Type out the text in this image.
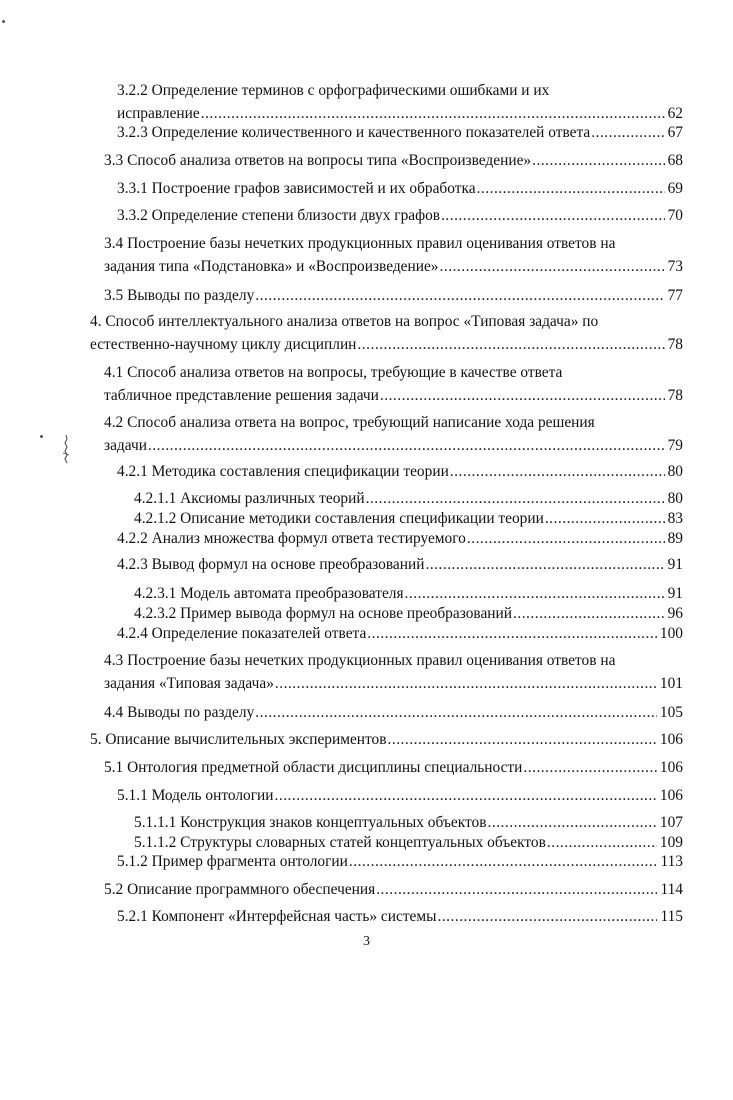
3.2.2 Определение терминов с орфографическими ошибками и их
исправление .....	62
3.2.3 Определение количественного и качественного показателей ответа .....	67
3.3 Способ анализа ответов на вопросы типа «Воспроизведение» .....	68
3.3.1 Построение графов зависимостей и их обработка .....	69
3.3.2 Определение степени близости двух графов .....	70
3.4 Построение базы нечетких продукционных правил оценивания ответов на
задания типа «Подстановка» и «Воспроизведение» .....	73
3.5 Выводы по разделу .....	77
4. Способ интеллектуального анализа ответов на вопрос «Типовая задача» по
естественно-научному циклу дисциплин .....	78
4.1 Способ анализа ответов на вопросы, требующие в качестве ответа
табличное представление решения задачи .....	78
4.2 Способ анализа ответа на вопрос, требующий написание хода решения
задачи .....	79
4.2.1 Методика составления спецификации теории .....	80
4.2.1.1 Аксиомы различных теорий .....	80
4.2.1.2 Описание методики составления спецификации теории .....	83
4.2.2 Анализ множества формул ответа тестируемого .....	89
4.2.3 Вывод формул на основе преобразований .....	91
4.2.3.1 Модель автомата преобразователя .....	91
4.2.3.2 Пример вывода формул на основе преобразований .....	96
4.2.4 Определение показателей ответа .....	100
4.3 Построение базы нечетких продукционных правил оценивания ответов на
задания «Типовая задача» .....	101
4.4 Выводы по разделу .....	105
5. Описание вычислительных экспериментов .....	106
5.1 Онтология предметной области дисциплины специальности .....	106
5.1.1 Модель онтологии .....	106
5.1.1.1 Конструкция знаков концептуальных объектов .....	107
5.1.1.2 Структуры словарных статей концептуальных объектов .....	109
5.1.2 Пример фрагмента онтологии .....	113
5.2 Описание программного обеспечения .....	114
5.2.1 Компонент «Интерфейсная часть» системы .....	115
3
